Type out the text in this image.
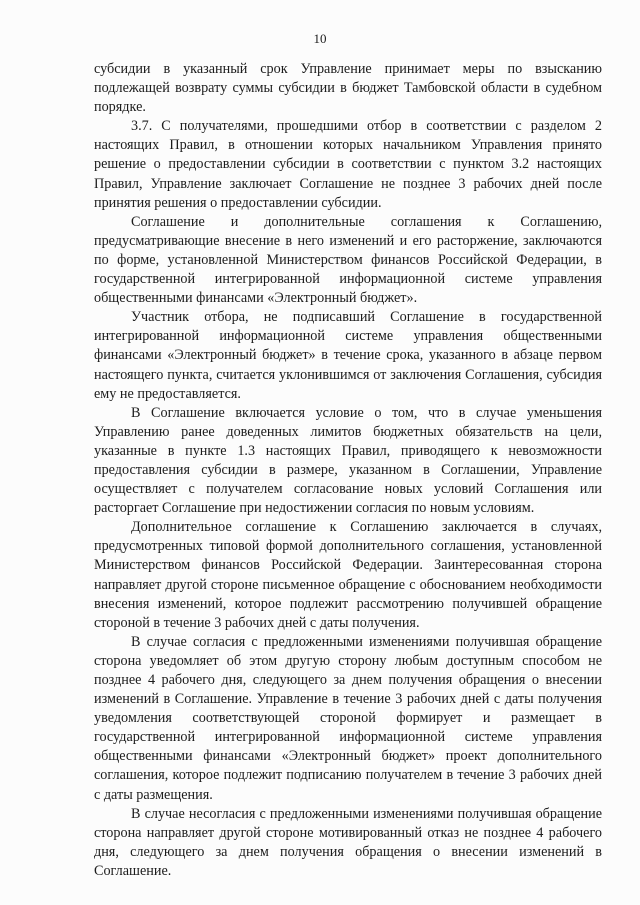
10

субсидии в указанный срок Управление принимает меры по взысканию подлежащей возврату суммы субсидии в бюджет Тамбовской области в судебном порядке.

3.7. С получателями, прошедшими отбор в соответствии с разделом 2 настоящих Правил, в отношении которых начальником Управления принято решение о предоставлении субсидии в соответствии с пунктом 3.2 настоящих Правил, Управление заключает Соглашение не позднее 3 рабочих дней после принятия решения о предоставлении субсидии.

Соглашение и дополнительные соглашения к Соглашению, предусматривающие внесение в него изменений и его расторжение, заключаются по форме, установленной Министерством финансов Российской Федерации, в государственной интегрированной информационной системе управления общественными финансами «Электронный бюджет».

Участник отбора, не подписавший Соглашение в государственной интегрированной информационной системе управления общественными финансами «Электронный бюджет» в течение срока, указанного в абзаце первом настоящего пункта, считается уклонившимся от заключения Соглашения, субсидия ему не предоставляется.

В Соглашение включается условие о том, что в случае уменьшения Управлению ранее доведенных лимитов бюджетных обязательств на цели, указанные в пункте 1.3 настоящих Правил, приводящего к невозможности предоставления субсидии в размере, указанном в Соглашении, Управление осуществляет с получателем согласование новых условий Соглашения или расторгает Соглашение при недостижении согласия по новым условиям.

Дополнительное соглашение к Соглашению заключается в случаях, предусмотренных типовой формой дополнительного соглашения, установленной Министерством финансов Российской Федерации. Заинтересованная сторона направляет другой стороне письменное обращение с обоснованием необходимости внесения изменений, которое подлежит рассмотрению получившей обращение стороной в течение 3 рабочих дней с даты получения.

В случае согласия с предложенными изменениями получившая обращение сторона уведомляет об этом другую сторону любым доступным способом не позднее 4 рабочего дня, следующего за днем получения обращения о внесении изменений в Соглашение. Управление в течение 3 рабочих дней с даты получения уведомления соответствующей стороной формирует и размещает в государственной интегрированной информационной системе управления общественными финансами «Электронный бюджет» проект дополнительного соглашения, которое подлежит подписанию получателем в течение 3 рабочих дней с даты размещения.

В случае несогласия с предложенными изменениями получившая обращение сторона направляет другой стороне мотивированный отказ не позднее 4 рабочего дня, следующего за днем получения обращения о внесении изменений в Соглашение.
